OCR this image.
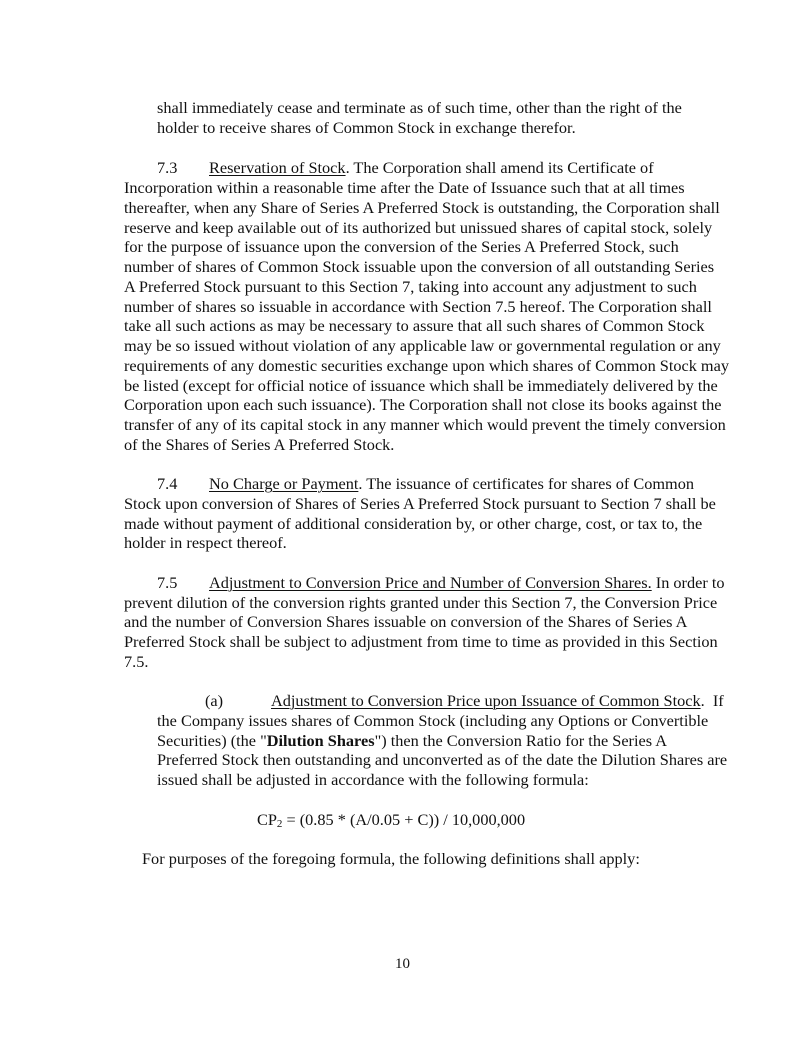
shall immediately cease and terminate as of such time, other than the right of the
holder to receive shares of Common Stock in exchange therefor.
7.3 Reservation of Stock. The Corporation shall amend its Certificate of
Incorporation within a reasonable time after the Date of Issuance such that at all times
thereafter, when any Share of Series A Preferred Stock is outstanding, the Corporation shall
reserve and keep available out of its authorized but unissued shares of capital stock, solely
for the purpose of issuance upon the conversion of the Series A Preferred Stock, such
number of shares of Common Stock issuable upon the conversion of all outstanding Series
A Preferred Stock pursuant to this Section 7, taking into account any adjustment to such
number of shares so issuable in accordance with Section 7.5 hereof. The Corporation shall
take all such actions as may be necessary to assure that all such shares of Common Stock
may be so issued without violation of any applicable law or governmental regulation or any
requirements of any domestic securities exchange upon which shares of Common Stock may
be listed (except for official notice of issuance which shall be immediately delivered by the
Corporation upon each such issuance). The Corporation shall not close its books against the
transfer of any of its capital stock in any manner which would prevent the timely conversion
of the Shares of Series A Preferred Stock.
7.4 No Charge or Payment. The issuance of certificates for shares of Common
Stock upon conversion of Shares of Series A Preferred Stock pursuant to Section 7 shall be
made without payment of additional consideration by, or other charge, cost, or tax to, the
holder in respect thereof.
7.5 Adjustment to Conversion Price and Number of Conversion Shares. In order to
prevent dilution of the conversion rights granted under this Section 7, the Conversion Price
and the number of Conversion Shares issuable on conversion of the Shares of Series A
Preferred Stock shall be subject to adjustment from time to time as provided in this Section
7.5.
(a)	Adjustment to Conversion Price upon Issuance of Common Stock.  If
the Company issues shares of Common Stock (including any Options or Convertible
Securities) (the "Dilution Shares") then the Conversion Ratio for the Series A
Preferred Stock then outstanding and unconverted as of the date the Dilution Shares are
issued shall be adjusted in accordance with the following formula:
CP2 = (0.85 * (A/0.05 + C)) / 10,000,000
For purposes of the foregoing formula, the following definitions shall apply:
10
